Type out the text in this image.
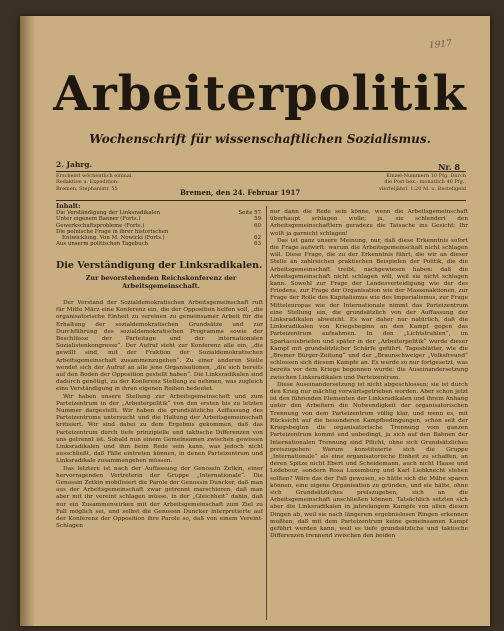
1917
Arbeiterpolitik
Wochenschrift für wissenschaftlichen Sozialismus.
2. Jahrg.	Nr. 8
Erscheint wöchentlich einmal.
Redaktion u. Expedition:
Bremen, Stephanistr. 55	Bremen, den 24. Februar 1917
Einzel-Nummern 10 Pfg. Durch
die Post bez.: monatlich 40 Pfg.,
vierteljährl. 1.20 M. u. Bestellgeld
Inhalt:
Die Verständigung der Linksradikalen	Seite 57
Unter eigenem Banner (Forts.)	59
Gewerkschaftsprobleme (Forts.)	60
Die polnische Frage in ihrer historischen
Entwicklung. Von M. Nowicki (Forts.)	62
Aus unserm politischen Tagebuch	63
Die Verständigung der Linksradikalen.
Zur bevorstehenden Reichskonferenz der Arbeitsgemeinschaft.

Der Vorstand der Sozialdemokratischen Arbeitsgemeinschaft ruft für Mitte März eine Konferenz ein, die der Opposition helfen soll, „die organisatorische Einheit zu vereinen zu gemeinsamer Arbeit für die Erhaltung der sozialdemokratischen Grundsätze und zur Durchführung des sozialdemokratischen Programms sowie der Beschlüsse der Parteitage und der internationalen Sozialistenkongresse“. Der Aufruf sieht zur Konferenz alle ein, „die gewillt sind, mit der Fraktion der Sozialdemokratischen Arbeitsgemeinschaft zusammenzugehen“. Zu einer anderen Stelle wendet sich der Aufruf an alle jene Organisationen, „die sich bereits auf den Boden der Opposition gestellt haben“. Die Linksradikalen sind dadurch genötigt, zu der Konferenz Stellung zu nehmen, was zugleich eine Verständigung in ihren eigenen Reihen bedeutet.

Wir haben unsere Stellung zur Arbeitsgemeinschaft und zum Parteizentrum in der „Arbeiterpolitik“ von den ersten bis zu letzten Nummer dargestellt. Wir haben die grundsätzliche Auffassung des Parteizentrums untersucht und die Haltung der Arbeitsgemeinschaft kritisiert. Wir sind dabei zu dem Ergebnis gekommen, daß das Parteizentrum durch tiefe prinzipielle und taktische Differenzen von uns getrennt ist. Sobald nun einem Gemeinsamen zwischen gewissen Linksradikalen und ihm beim Rede sein kann, was jedoch nicht ausschließt, daß Fälle eintreten können, in denen Parteizentrum und Linksradikale zusammengehen müssen.

Das letztere ist nach der Auffassung der Genossin Zetkin, einer hervorragenden Vertreterin der Gruppe „Internationale“. Die Genossin Zetkin mobilisiert die Parole der Genossin Duncker, daß man aus der Arbeitsgemeinschaft zwar getrennt marschieren, daß man aber mit ihr vereint schlagen müsse, in der „Gleichheit“ dahin, daß nur ein Zusammenwirken mit der Arbeitsgemeinschaft zum Ziel zu Fall möglich sei, und selbst die Genossin Duncker interpretierte auf der Konferenz der Opposition ihre Parole so, daß von einem Vereint-Schlagen

nur dann die Rede sein könne, wenn die Arbeitsgemeinschaft überhaupt schlagen wolle; ja, sie schlendert den Arbeitsgemeinschaftlern geradezu die Tatsache ins Gesicht: Ihr wollt ja garnicht schlagen!

Das ist ganz unsere Meinung, nur, daß diese Erkenntnis sofort die Frage aufwirft: warum die Arbeitsgemeinschaft nicht schlagen will. Diese Frage, die zu der Erkenntnis führt, die wir an dieser Stelle an zahlreichen praktischen Beispielen der Politik, die die Arbeitsgemeinschaft treibt, nachgewiesen haben: daß die Arbeitsgemeinschaft nicht schlagen will, weil sie nicht schlagen kann. Sowohl zur Frage der Landesverteidigung wie der des Friedens, zur Frage der Organisation wie der Massenaktionen, zur Frage der Rolle des Kapitalismus wie des Imperialismus, zur Frage Mitteleuropas wie der Internationale nimmt das Parteizentrum eine Stellung ein, die grundsätzlich von der Auffassung der Linksradikalen abweicht. Es war daher nur natürlich, daß die Linksradikalen von Kriegsbeginn an den Kampf gegen das Parteizentrum aufnahmen. In den „Lichtstrahlen“, im Spartacusbriefen und später in der „Arbeiterpolitik“ wurde dieser Kampf mit grundsätzlicher Schärfe geführt. Tagesblätter, wie die „Bremer Bürger-Zeitung“ und der „Braunschweiger „Volksfreund“ schlossen sich diesem Kampfe an. Es wurde so nur fortgesetzt, was bereits vor dem Kriege begonnen wurde: die Auseinandersetzung zwischen Linksradikalen und Parteizentrum.

Diese Auseinandersetzung ist nicht abgeschlossen; sie ist durch den Krieg nur mächtig vorwärtsgetrieben worden. Aber schon jetzt ist den führenden Elementen der Linksradikalen und ihrem Anhang unter den Arbeitern die Notwendigkeit der organisatorischen Trennung von dem Parteizentrum völlig klar, und wenn es, mit Rücksicht auf die besonderen Kampfbedingungen, schon seit der Kriegsbeginn die organisatorische Trennung vom ganzen Parteizentrum kommt und unbedingt, ja sich auf den Bahnen der Internationalen Trennung sind Pflicht, ohne sich Grundsätzliches preiszugeben: Warum konstituierte sich die Gruppe „Internationale“ als eine organisatorische Einheit zu schaffen, an deren Spitze nicht Ebert und Scheidemann, auch nicht Haase und Ledebour, sondern Rosa Luxemburg und Karl Liebknecht stehen sollten? Wäre das der Fall gewesen, so hätte sich die Mühe sparen können, eine eigene Organisation zu gründen, und sie hätte, ohne sich Grundsätzliches preiszugeben, sich an die Arbeitsgemeinschaft anschließen können. Tatsächlich setzten sich aber die Linksradikalen in jahrelangem Kampfe von allen diesen Dingen ab, weil sie nach längerem ergebnislosen Ringen erkennen mußten, daß mit dem Parteizentrum keine gemeinsamen Kampf geführt werden kann, weil es tiefe grundsätzliche und taktische Differenzen trennend zwischen den beiden
